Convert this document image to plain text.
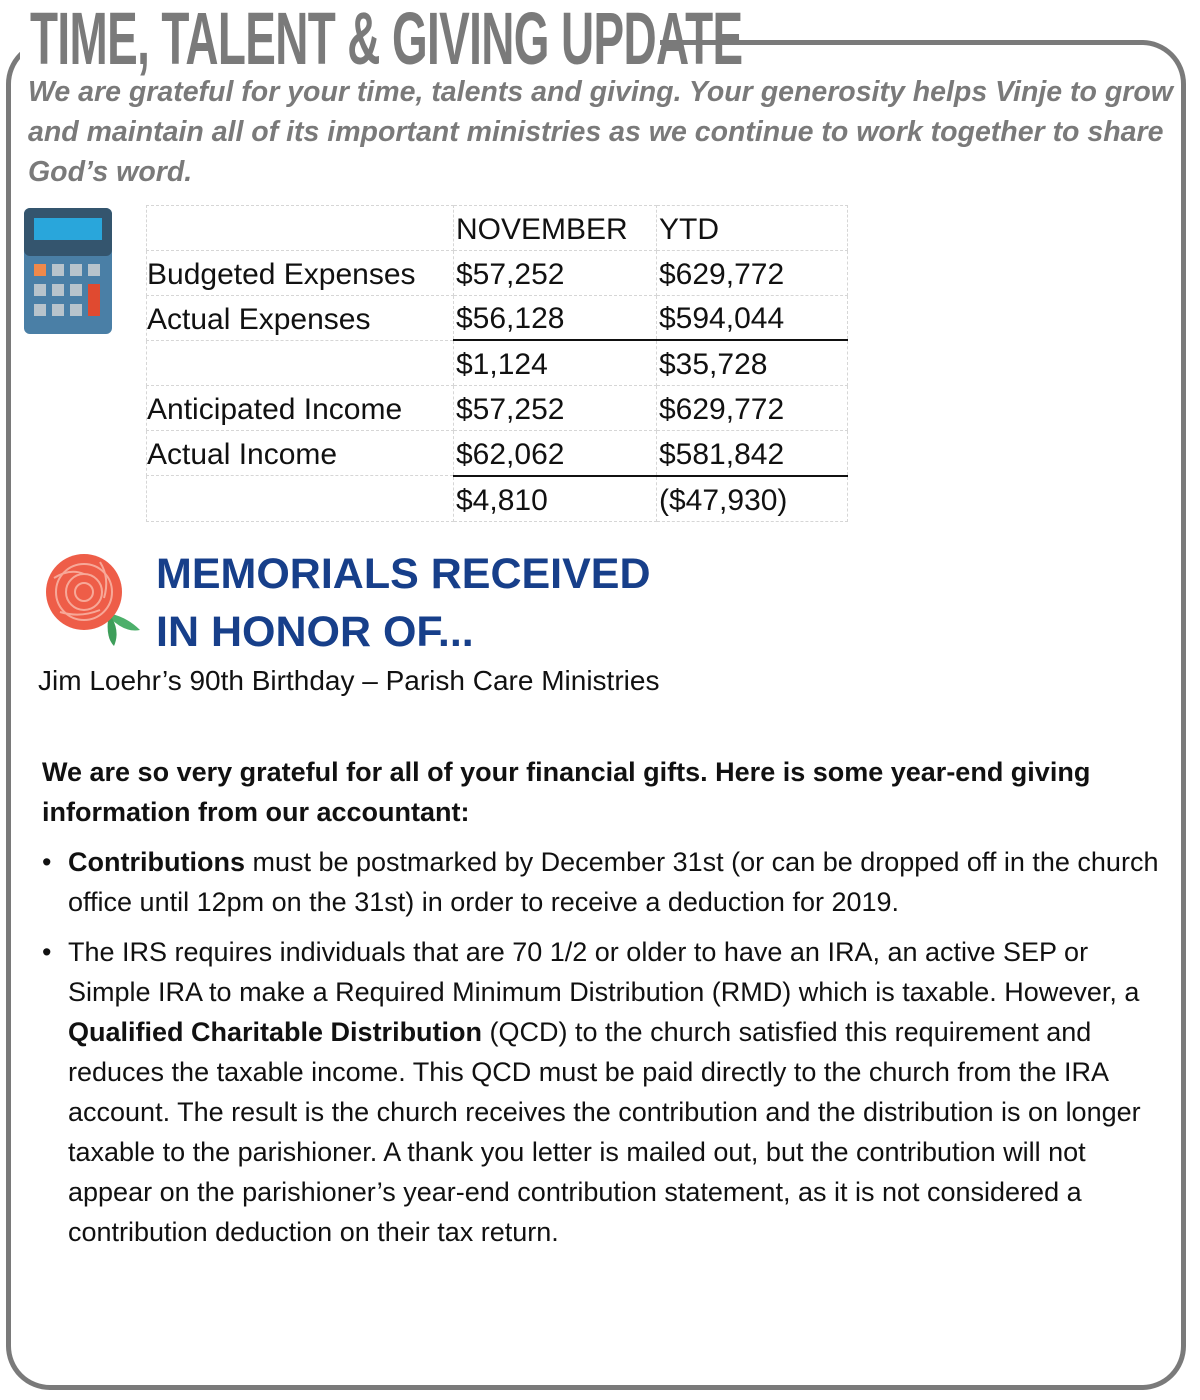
TIME, TALENT & GIVING UPDATE
We are grateful for your time, talents and giving. Your generosity helps Vinje to grow and maintain all of its important ministries as we continue to work together to share God’s word.
	NOVEMBER	YTD
Budgeted Expenses	$57,252	$629,772
Actual Expenses	$56,128	$594,044
	$1,124	$35,728
Anticipated Income	$57,252	$629,772
Actual Income	$62,062	$581,842
	$4,810	($47,930)
MEMORIALS RECEIVED
IN HONOR OF...
Jim Loehr’s 90th Birthday – Parish Care Ministries
We are so very grateful for all of your financial gifts. Here is some year-end giving information from our accountant:
• Contributions must be postmarked by December 31st (or can be dropped off in the church office until 12pm on the 31st) in order to receive a deduction for 2019.
• The IRS requires individuals that are 70 1/2 or older to have an IRA, an active SEP or Simple IRA to make a Required Minimum Distribution (RMD) which is taxable. However, a Qualified Charitable Distribution (QCD) to the church satisfied this requirement and reduces the taxable income. This QCD must be paid directly to the church from the IRA account. The result is the church receives the contribution and the distribution is on longer taxable to the parishioner. A thank you letter is mailed out, but the contribution will not appear on the parishioner’s year-end contribution statement, as it is not considered a contribution deduction on their tax return.
